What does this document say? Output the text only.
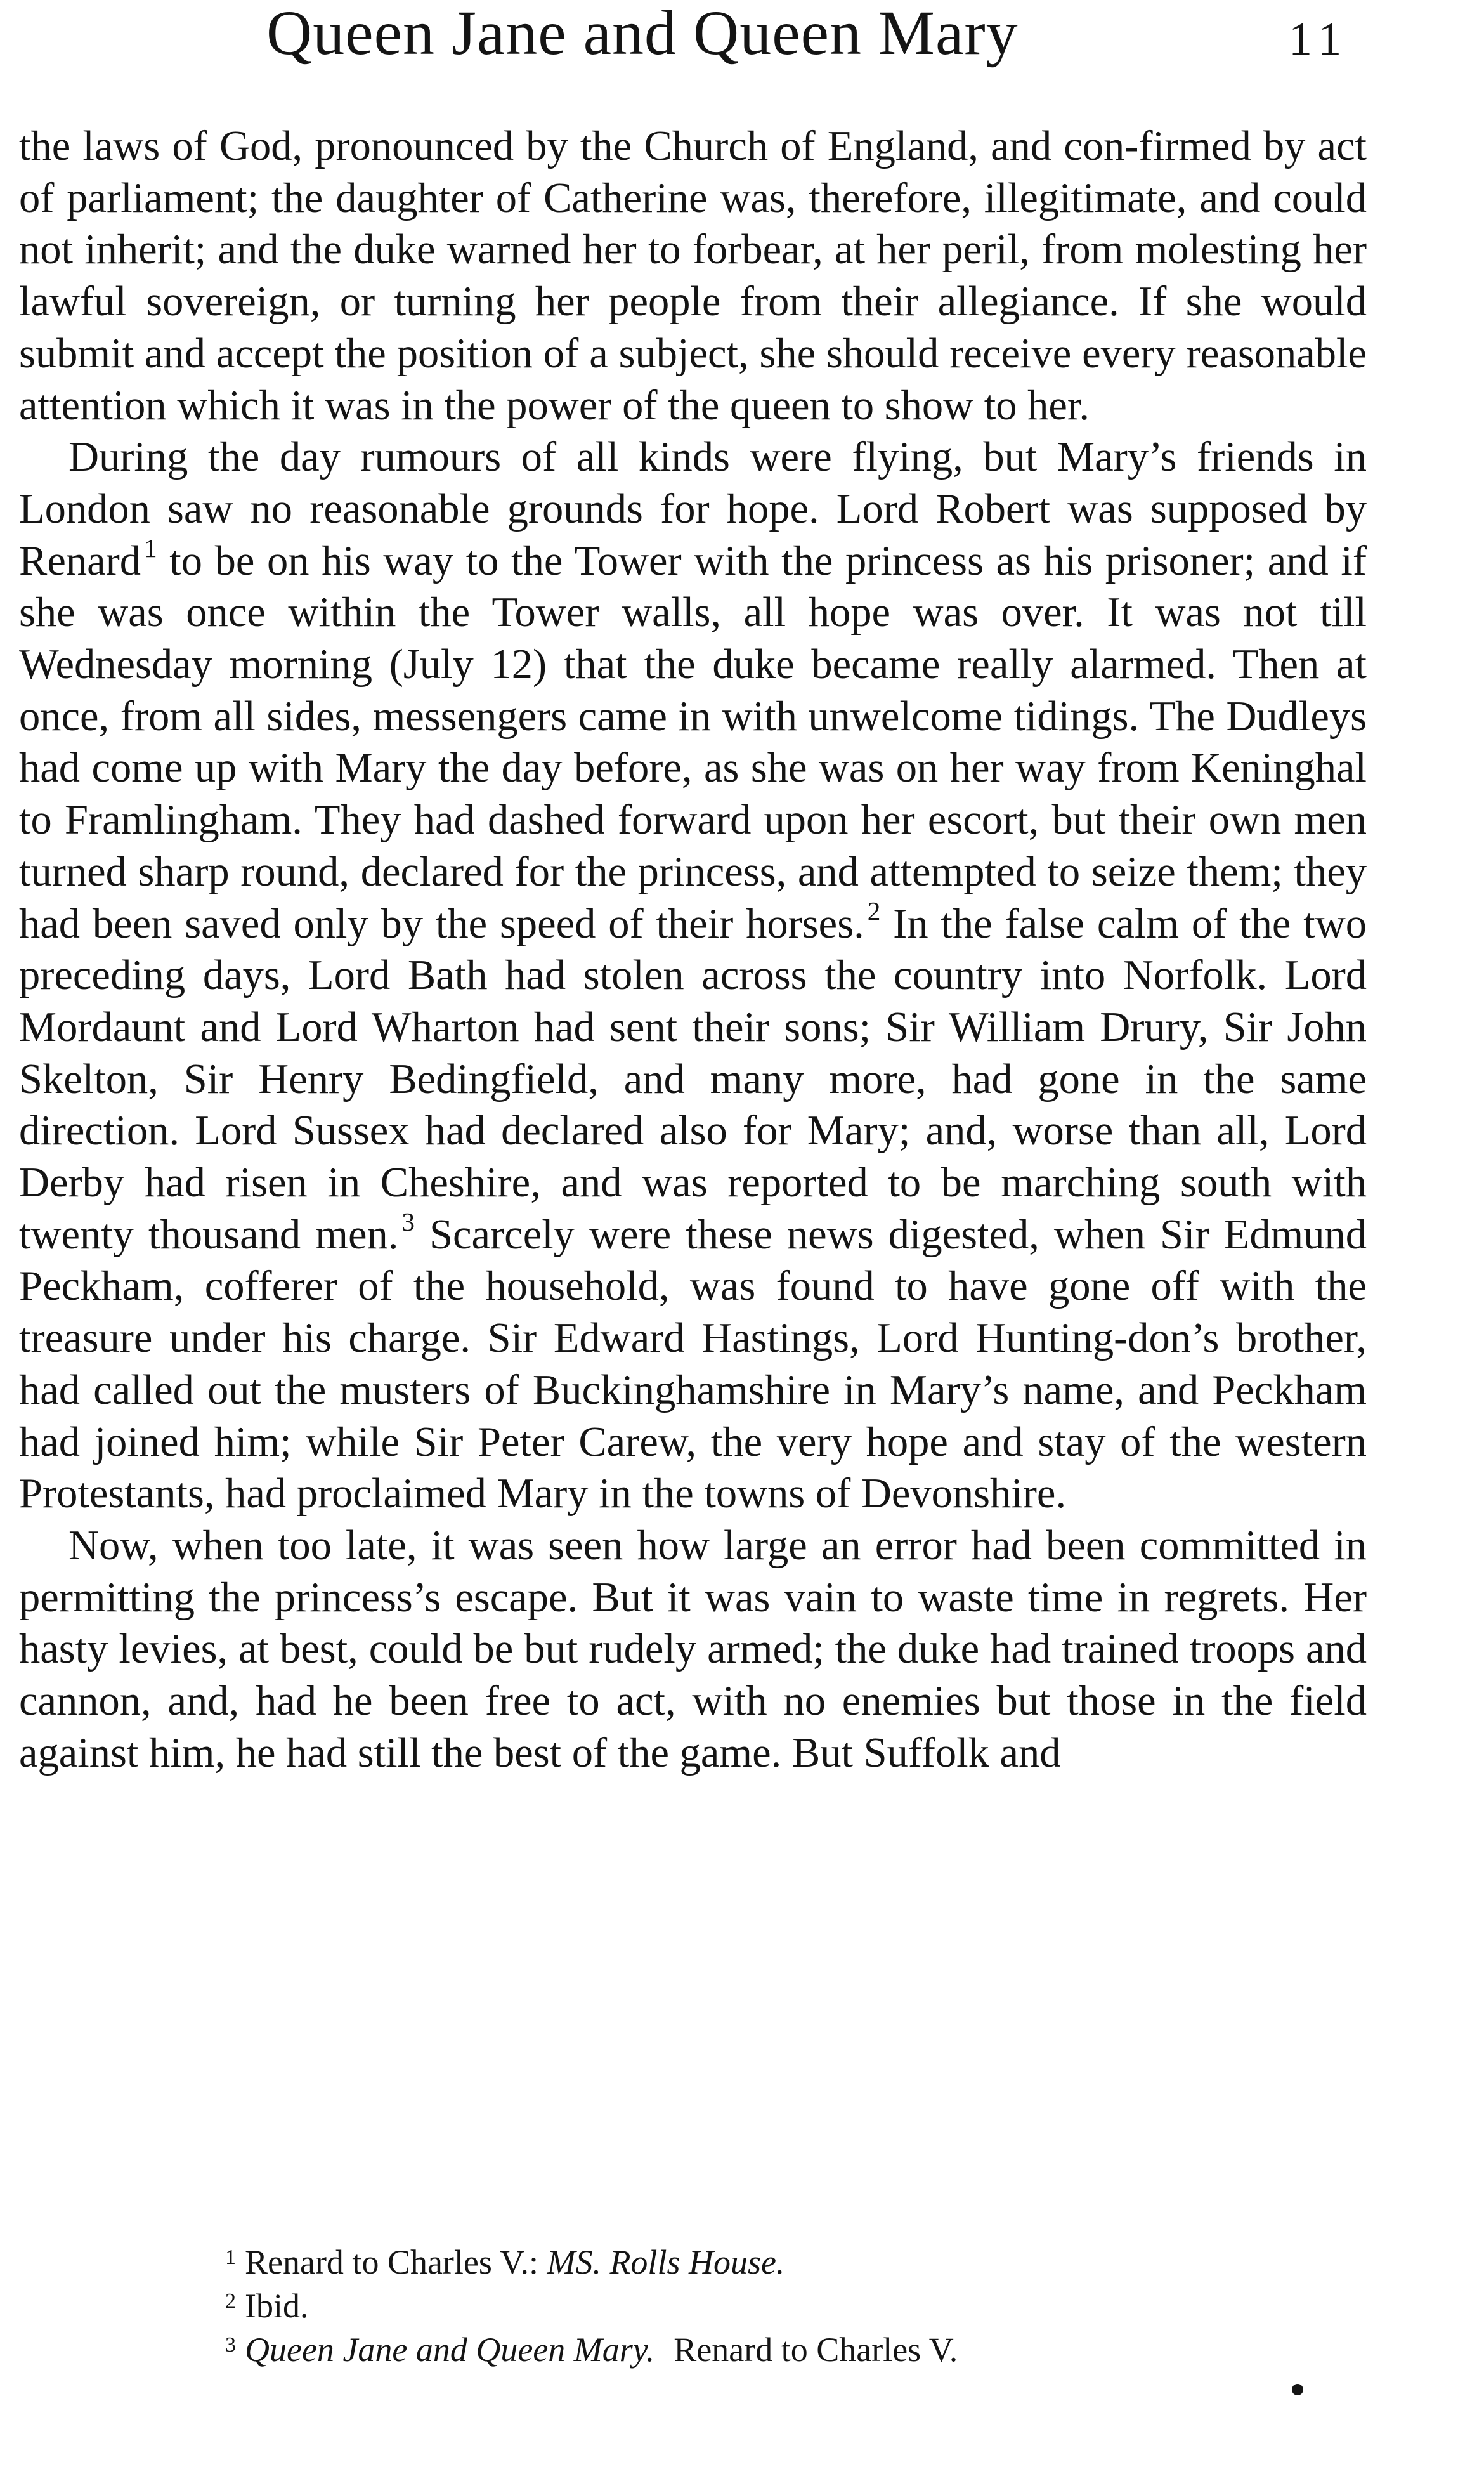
Queen Jane and Queen Mary	11

the laws of God, pronounced by the Church of England, and con-firmed by act of parliament; the daughter of Catherine was, therefore, illegitimate, and could not inherit; and the duke warned her to forbear, at her peril, from molesting her lawful sovereign, or turning her people from their allegiance. If she would submit and accept the position of a subject, she should receive every reasonable attention which it was in the power of the queen to show to her.

During the day rumours of all kinds were flying, but Mary’s friends in London saw no reasonable grounds for hope. Lord Robert was supposed by Renard $^1$ to be on his way to the Tower with the princess as his prisoner; and if she was once within the Tower walls, all hope was over. It was not till Wednesday morning (July 12) that the duke became really alarmed. Then at once, from all sides, messengers came in with unwelcome tidings. The Dudleys had come up with Mary the day before, as she was on her way from Keninghal to Framlingham. They had dashed forward upon her escort, but their own men turned sharp round, declared for the princess, and attempted to seize them; they had been saved only by the speed of their horses. $^2$ In the false calm of the two preceding days, Lord Bath had stolen across the country into Norfolk. Lord Mordaunt and Lord Wharton had sent their sons; Sir William Drury, Sir John Skelton, Sir Henry Bedingfield, and many more, had gone in the same direction. Lord Sussex had declared also for Mary; and, worse than all, Lord Derby had risen in Cheshire, and was reported to be marching south with twenty thousand men. $^3$ Scarcely were these news digested, when Sir Edmund Peckham, cofferer of the household, was found to have gone off with the treasure under his charge. Sir Edward Hastings, Lord Hunting-don’s brother, had called out the musters of Buckinghamshire in Mary’s name, and Peckham had joined him; while Sir Peter Carew, the very hope and stay of the western Protestants, had proclaimed Mary in the towns of Devonshire.

Now, when too late, it was seen how large an error had been committed in permitting the princess’s escape. But it was vain to waste time in regrets. Her hasty levies, at best, could be but rudely armed; the duke had trained troops and cannon, and, had he been free to act, with no enemies but those in the field against him, he had still the best of the game. But Suffolk and

$^1$ Renard to Charles V.: MS. Rolls House.
$^2$ Ibid.
$^3$ Queen Jane and Queen Mary. Renard to Charles V.
